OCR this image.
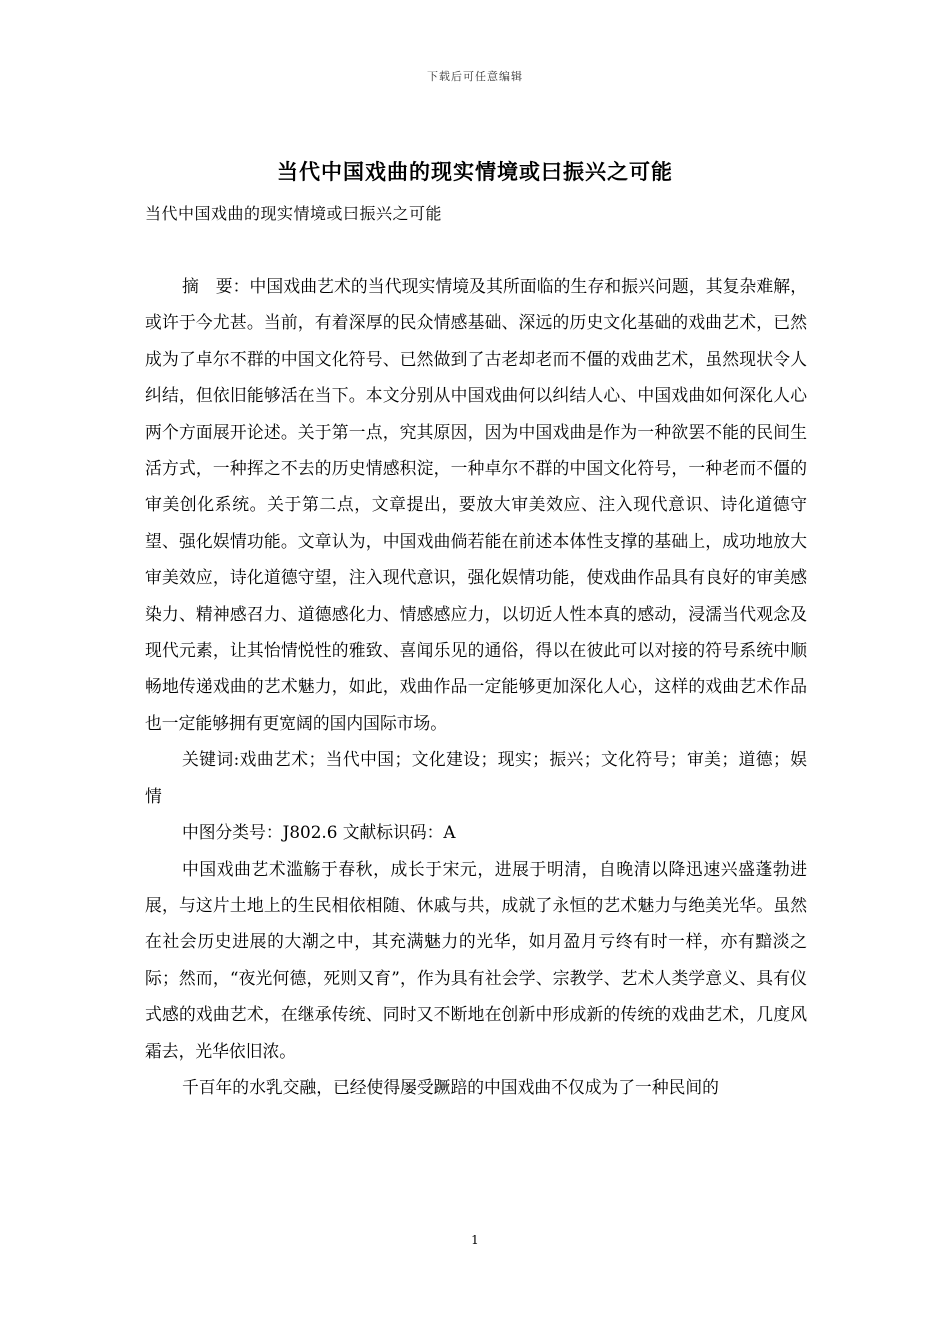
下载后可任意编辑
当代中国戏曲的现实情境或曰振兴之可能
当代中国戏曲的现实情境或曰振兴之可能

摘　要：中国戏曲艺术的当代现实情境及其所面临的生存和振兴问题，其复杂难解，或许于今尤甚。当前，有着深厚的民众情感基础、深远的历史文化基础的戏曲艺术，已然成为了卓尔不群的中国文化符号、已然做到了古老却老而不僵的戏曲艺术，虽然现状令人纠结，但依旧能够活在当下。本文分别从中国戏曲何以纠结人心、中国戏曲如何深化人心两个方面展开论述。关于第一点，究其原因，因为中国戏曲是作为一种欲罢不能的民间生活方式，一种挥之不去的历史情感积淀，一种卓尔不群的中国文化符号，一种老而不僵的审美创化系统。关于第二点，文章提出，要放大审美效应、注入现代意识、诗化道德守望、强化娱情功能。文章认为，中国戏曲倘若能在前述本体性支撑的基础上，成功地放大审美效应，诗化道德守望，注入现代意识，强化娱情功能，使戏曲作品具有良好的审美感染力、精神感召力、道德感化力、情感感应力，以切近人性本真的感动，浸濡当代观念及现代元素，让其怡情悦性的雅致、喜闻乐见的通俗，得以在彼此可以对接的符号系统中顺畅地传递戏曲的艺术魅力，如此，戏曲作品一定能够更加深化人心，这样的戏曲艺术作品也一定能够拥有更宽阔的国内国际市场。

关键词:戏曲艺术；当代中国；文化建设；现实；振兴；文化符号；审美；道德；娱情

中图分类号：J802.6 文献标识码：A

中国戏曲艺术滥觞于春秋，成长于宋元，进展于明清，自晚清以降迅速兴盛蓬勃进展，与这片土地上的生民相依相随、休戚与共，成就了永恒的艺术魅力与绝美光华。虽然在社会历史进展的大潮之中，其充满魅力的光华，如月盈月亏终有时一样，亦有黯淡之际；然而，“夜光何德，死则又育”，作为具有社会学、宗教学、艺术人类学意义、具有仪式感的戏曲艺术，在继承传统、同时又不断地在创新中形成新的传统的戏曲艺术，几度风霜去，光华依旧浓。

千百年的水乳交融，已经使得屡受蹶踣的中国戏曲不仅成为了一种民间的

1
